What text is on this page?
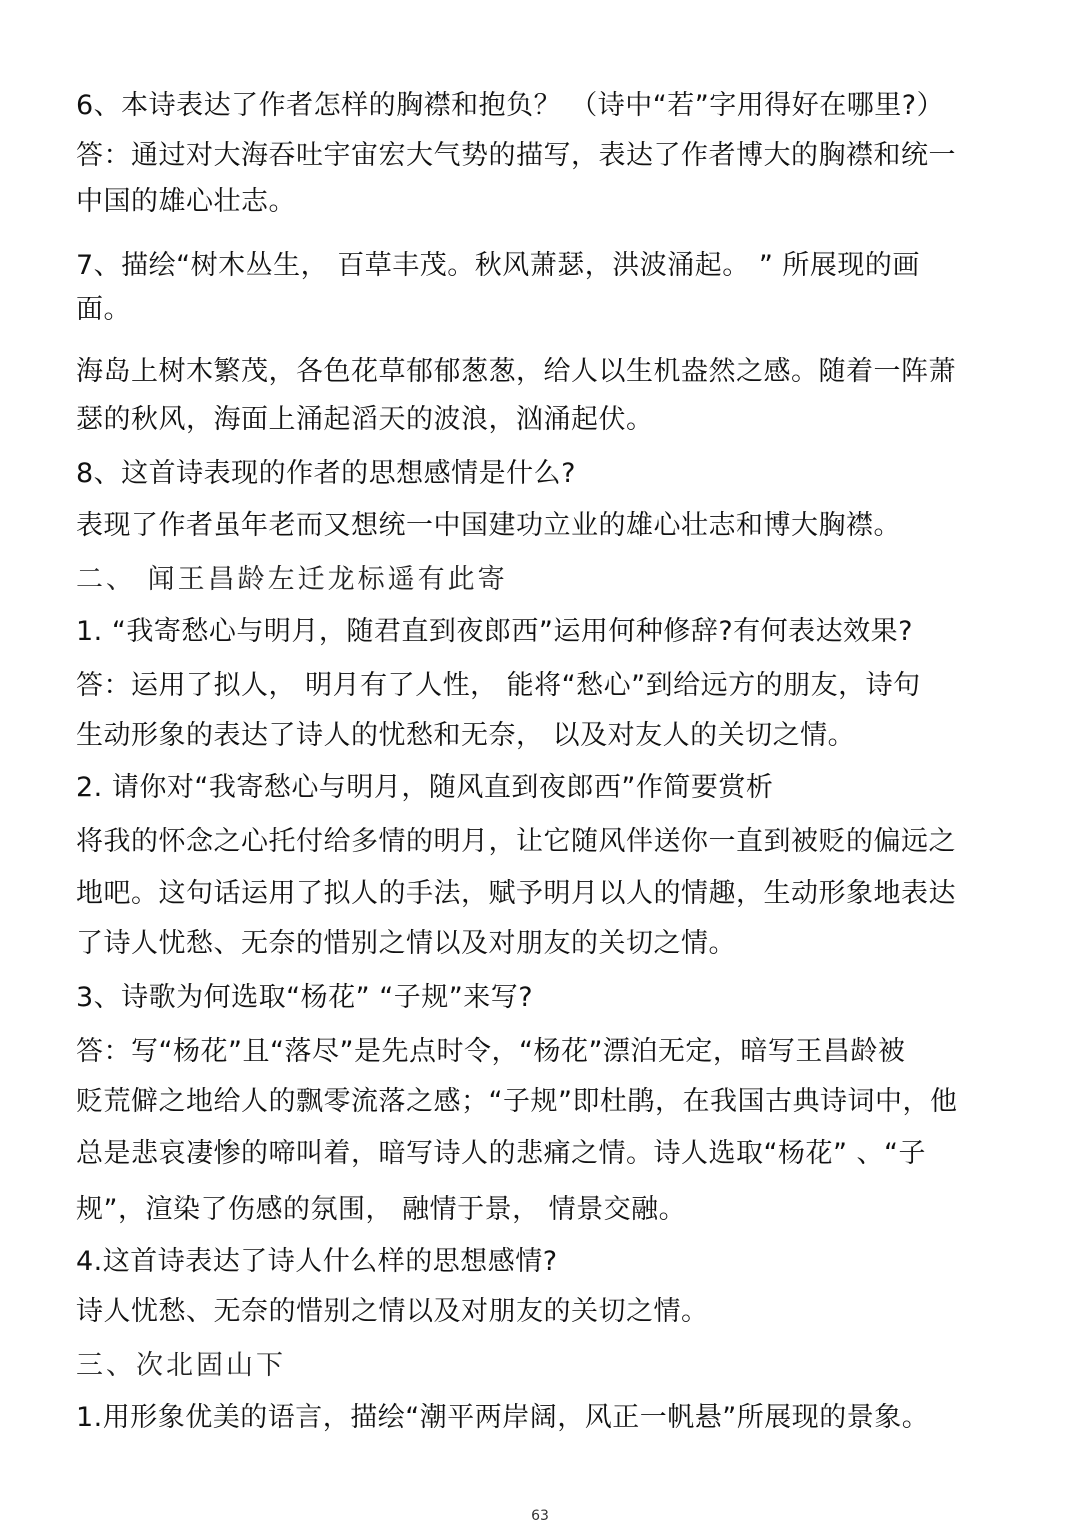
6、本诗表达了作者怎样的胸襟和抱负？ （诗中“若”字用得好在哪里?）
答：通过对大海吞吐宇宙宏大气势的描写，表达了作者博大的胸襟和统一
中国的雄心壮志。
7、描绘“树木丛生， 百草丰茂。秋风萧瑟，洪波涌起。 ” 所展现的画
面。
海岛上树木繁茂，各色花草郁郁葱葱，给人以生机盎然之感。随着一阵萧
瑟的秋风，海面上涌起滔天的波浪，汹涌起伏。
8、这首诗表现的作者的思想感情是什么?
表现了作者虽年老而又想统一中国建功立业的雄心壮志和博大胸襟。
二、 闻王昌龄左迁龙标遥有此寄
1. “我寄愁心与明月，随君直到夜郎西”运用何种修辞?有何表达效果?
答：运用了拟人， 明月有了人性， 能将“愁心”到给远方的朋友，诗句
生动形象的表达了诗人的忧愁和无奈， 以及对友人的关切之情。
2. 请你对“我寄愁心与明月，随风直到夜郎西”作简要赏析
将我的怀念之心托付给多情的明月，让它随风伴送你一直到被贬的偏远之
地吧。这句话运用了拟人的手法，赋予明月以人的情趣，生动形象地表达
了诗人忧愁、无奈的惜别之情以及对朋友的关切之情。
3、诗歌为何选取“杨花” “子规”来写?
答：写“杨花”且“落尽”是先点时令，“杨花”漂泊无定，暗写王昌龄被
贬荒僻之地给人的飘零流落之感；“子规”即杜鹃，在我国古典诗词中，他
总是悲哀凄惨的啼叫着，暗写诗人的悲痛之情。诗人选取“杨花” 、“子
规”，渲染了伤感的氛围， 融情于景， 情景交融。
4.这首诗表达了诗人什么样的思想感情?
诗人忧愁、无奈的惜别之情以及对朋友的关切之情。
三、次北固山下
1.用形象优美的语言，描绘“潮平两岸阔，风正一帆悬”所展现的景象。
63
